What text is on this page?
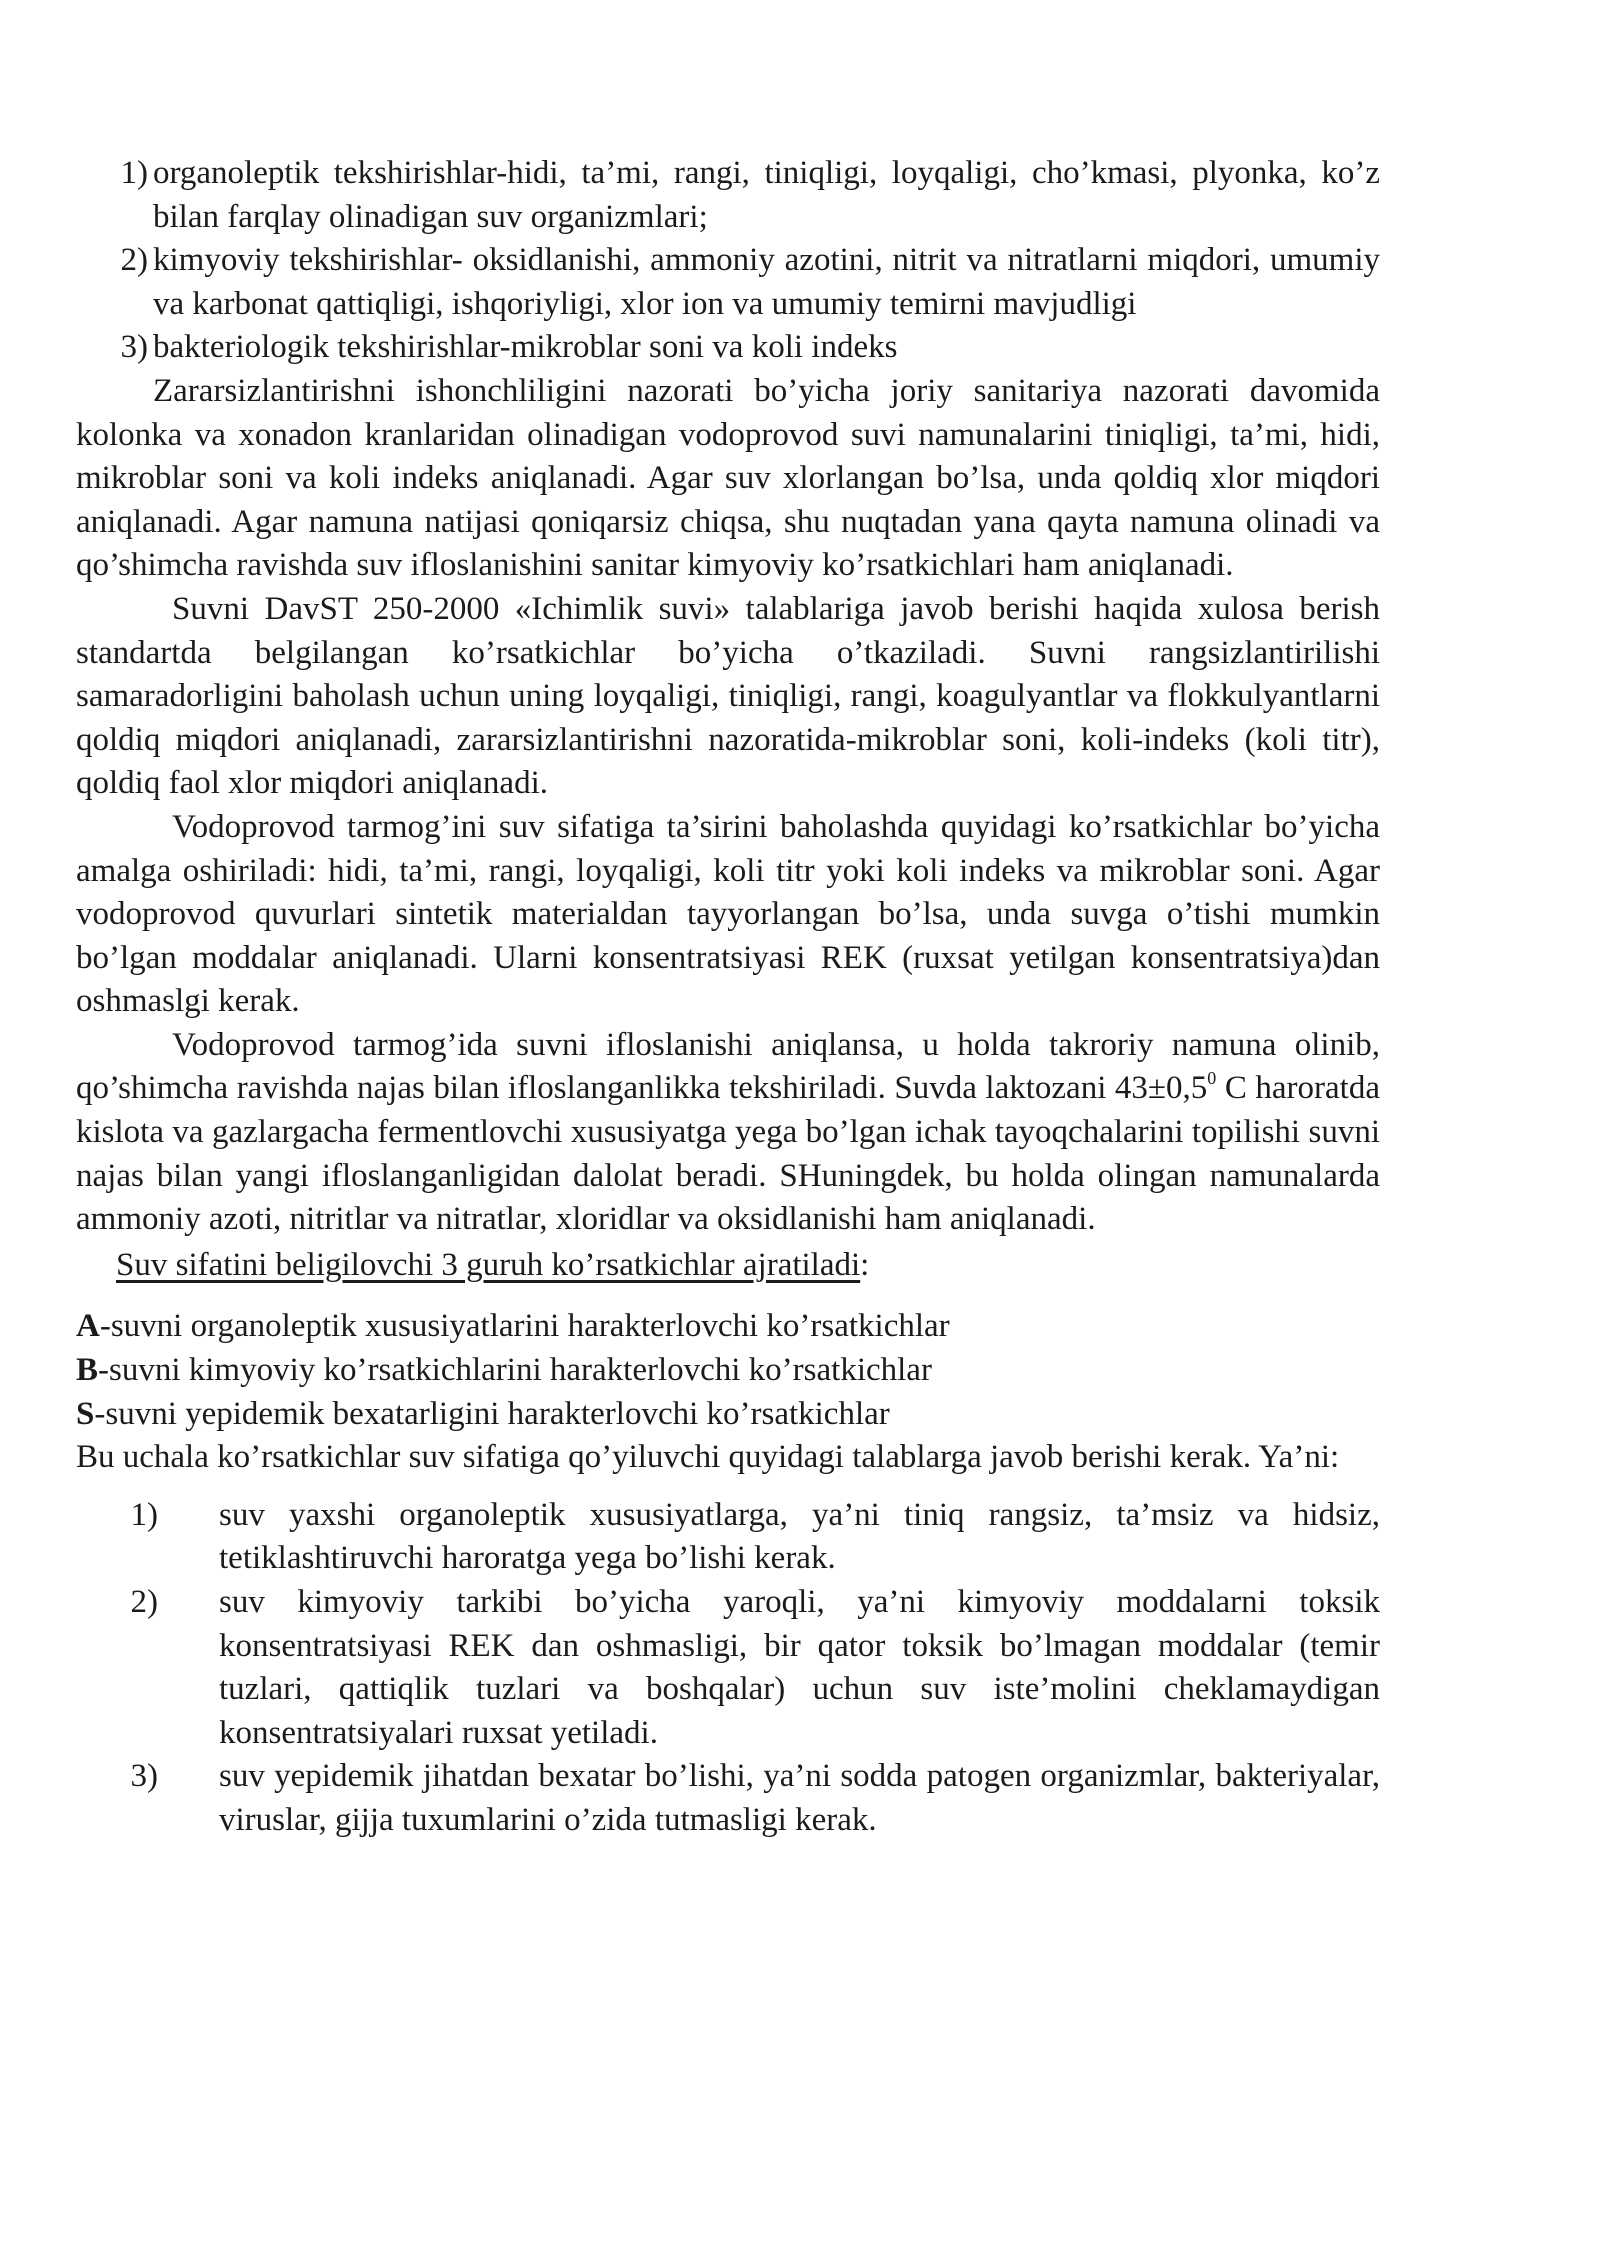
1) organoleptik tekshirishlar-hidi, ta’mi, rangi, tiniqligi, loyqaligi, cho’kmasi, plyonka, ko’z bilan farqlay olinadigan suv organizmlari;
2) kimyoviy tekshirishlar- oksidlanishi, ammoniy azotini, nitrit va nitratlarni miqdori, umumiy va karbonat qattiqligi, ishqoriyligi, xlor ion va umumiy temirni mavjudligi
3) bakteriologik tekshirishlar-mikroblar soni va koli indeks

Zararsizlantirishni ishonchliligini nazorati bo’yicha joriy sanitariya nazorati davomida kolonka va xonadon kranlaridan olinadigan vodoprovod suvi namunalarini tiniqligi, ta’mi, hidi, mikroblar soni va koli indeks aniqlanadi. Agar suv xlorlangan bo’lsa, unda qoldiq xlor miqdori aniqlanadi. Agar namuna natijasi qoniqarsiz chiqsa, shu nuqtadan yana qayta namuna olinadi va qo’shimcha ravishda suv ifloslanishini sanitar kimyoviy ko’rsatkichlari ham aniqlanadi.

Suvni DavST 250-2000 «Ichimlik suvi» talablariga javob berishi haqida xulosa berish standartda belgilangan ko’rsatkichlar bo’yicha o’tkaziladi. Suvni rangsizlantirilishi samaradorligini baholash uchun uning loyqaligi, tiniqligi, rangi, koagulyantlar va flokkulyantlarni qoldiq miqdori aniqlanadi, zararsizlantirishni nazoratida-mikroblar soni, koli-indeks (koli titr), qoldiq faol xlor miqdori aniqlanadi.

Vodoprovod tarmog’ini suv sifatiga ta’sirini baholashda quyidagi ko’rsatkichlar bo’yicha amalga oshiriladi: hidi, ta’mi, rangi, loyqaligi, koli titr yoki koli indeks va mikroblar soni. Agar vodoprovod quvurlari sintetik materialdan tayyorlangan bo’lsa, unda suvga o’tishi mumkin bo’lgan moddalar aniqlanadi. Ularni konsentratsiyasi REK (ruxsat yetilgan konsentratsiya)dan oshmaslgi kerak.

Vodoprovod tarmog’ida suvni ifloslanishi aniqlansa, u holda takroriy namuna olinib, qo’shimcha ravishda najas bilan ifloslanganlikka tekshiriladi. Suvda laktozani $43\pm 0,5^0$ C haroratda kislota va gazlargacha fermentlovchi xususiyatga yega bo’lgan ichak tayoqchalarini topilishi suvni najas bilan yangi ifloslanganligidan dalolat beradi. SHuningdek, bu holda olingan namunalarda ammoniy azoti, nitritlar va nitratlar, xloridlar va oksidlanishi ham aniqlanadi.

Suv sifatini beligilovchi 3 guruh ko’rsatkichlar ajratiladi:

A-suvni organoleptik xususiyatlarini harakterlovchi ko’rsatkichlar

B-suvni kimyoviy ko’rsatkichlarini harakterlovchi ko’rsatkichlar

S-suvni yepidemik bexatarligini harakterlovchi ko’rsatkichlar

Bu uchala ko’rsatkichlar suv sifatiga qo’yiluvchi quyidagi talablarga javob berishi kerak. Ya’ni:

1) suv yaxshi organoleptik xususiyatlarga, ya’ni tiniq rangsiz, ta’msiz va hidsiz, tetiklashtiruvchi haroratga yega bo’lishi kerak.
2) suv kimyoviy tarkibi bo’yicha yaroqli, ya’ni kimyoviy moddalarni toksik konsentratsiyasi REK dan oshmasligi, bir qator toksik bo’lmagan moddalar (temir tuzlari, qattiqlik tuzlari va boshqalar) uchun suv iste’molini cheklamaydigan konsentratsiyalari ruxsat yetiladi.
3) suv yepidemik jihatdan bexatar bo’lishi, ya’ni sodda patogen organizmlar, bakteriyalar, viruslar, gijja tuxumlarini o’zida tutmasligi kerak.
